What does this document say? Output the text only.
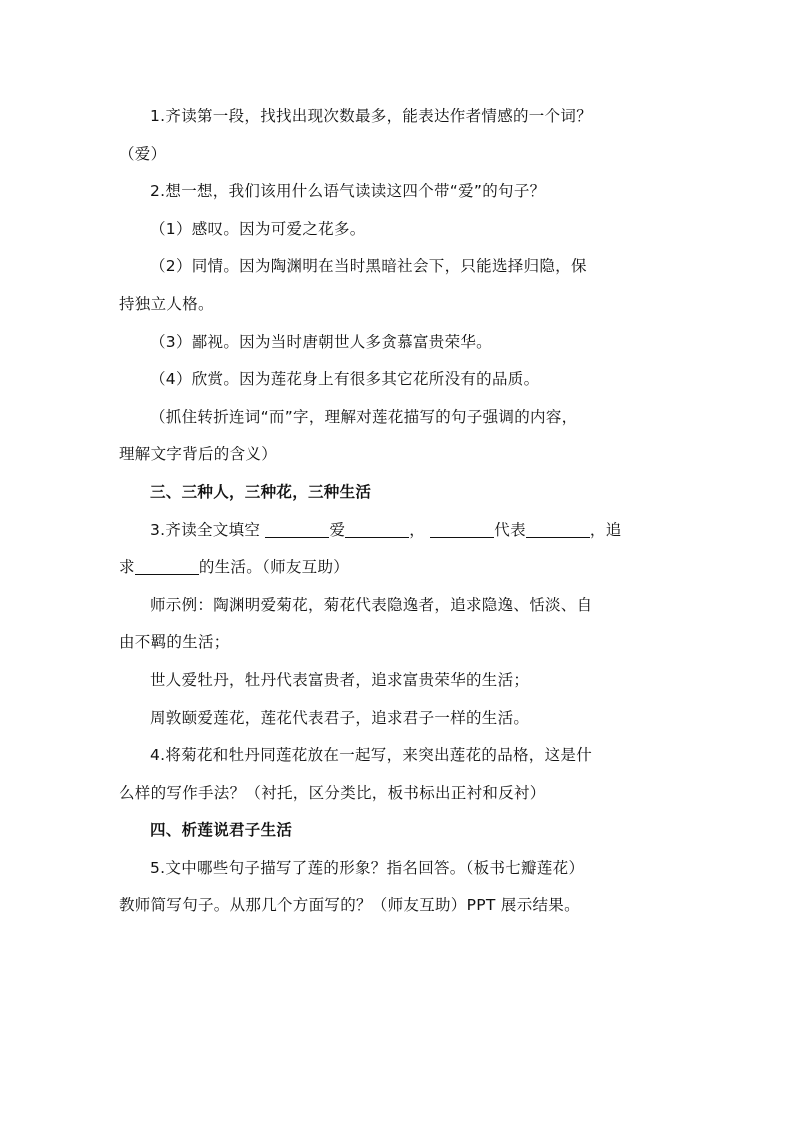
1.齐读第一段，找找出现次数最多，能表达作者情感的一个词？
（爱）
2.想一想，我们该用什么语气读读这四个带“爱”的句子？
（1）感叹。因为可爱之花多。
（2）同情。因为陶渊明在当时黑暗社会下，只能选择归隐，保
持独立人格。
（3）鄙视。因为当时唐朝世人多贪慕富贵荣华。
（4）欣赏。因为莲花身上有很多其它花所没有的品质。
（抓住转折连词“而”字，理解对莲花描写的句子强调的内容，
理解文字背后的含义）
三、三种人，三种花，三种生活
3.齐读全文填空	爱	，	代表	，追
求	的生活。（师友互助）
师示例：陶渊明爱菊花，菊花代表隐逸者，追求隐逸、恬淡、自
由不羁的生活；
世人爱牡丹，牡丹代表富贵者，追求富贵荣华的生活；
周敦颐爱莲花，莲花代表君子，追求君子一样的生活。
4.将菊花和牡丹同莲花放在一起写，来突出莲花的品格，这是什
么样的写作手法？（衬托，区分类比，板书标出正衬和反衬）
四、析莲说君子生活
5.文中哪些句子描写了莲的形象？指名回答。（板书七瓣莲花）
教师简写句子。从那几个方面写的？（师友互助）PPT 展示结果。
